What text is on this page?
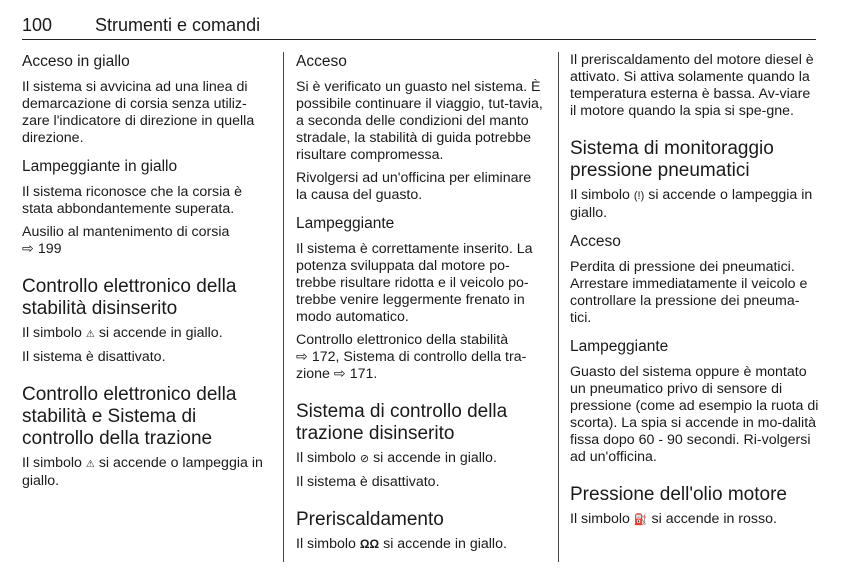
100 Strumenti e comandi
Acceso in giallo

Il sistema si avvicina ad una linea di demarcazione di corsia senza utiliz-zare l'indicatore di direzione in quella direzione.

Lampeggiante in giallo

Il sistema riconosce che la corsia è stata abbondantemente superata.

Ausilio al mantenimento di corsia
⇨ 199

Controllo elettronico della stabilità disinserito

Il simbolo ⚠ si accende in giallo.

Il sistema è disattivato.

Controllo elettronico della stabilità e Sistema di controllo della trazione

Il simbolo ⚠ si accende o lampeggia in giallo.

Acceso

Si è verificato un guasto nel sistema. È possibile continuare il viaggio, tut-tavia, a seconda delle condizioni del manto stradale, la stabilità di guida potrebbe risultare compromessa.

Rivolgersi ad un'officina per eliminare la causa del guasto.

Lampeggiante

Il sistema è correttamente inserito. La potenza sviluppata dal motore po-trebbe risultare ridotta e il veicolo po-trebbe venire leggermente frenato in modo automatico.

Controllo elettronico della stabilità
⇨ 172, Sistema di controllo della tra-zione ⇨ 171.

Sistema di controllo della trazione disinserito

Il simbolo ⊘ si accende in giallo.

Il sistema è disattivato.

Preriscaldamento

Il simbolo ΩΩ si accende in giallo.

Il preriscaldamento del motore diesel è attivato. Si attiva solamente quando la temperatura esterna è bassa. Av-viare il motore quando la spia si spe-gne.

Sistema di monitoraggio pressione pneumatici

Il simbolo (!) si accende o lampeggia in giallo.

Acceso

Perdita di pressione dei pneumatici. Arrestare immediatamente il veicolo e controllare la pressione dei pneuma-tici.

Lampeggiante

Guasto del sistema oppure è montato un pneumatico privo di sensore di pressione (come ad esempio la ruota di scorta). La spia si accende in mo-dalità fissa dopo 60 - 90 secondi. Ri-volgersi ad un'officina.

Pressione dell'olio motore

Il simbolo ⛽ si accende in rosso.
